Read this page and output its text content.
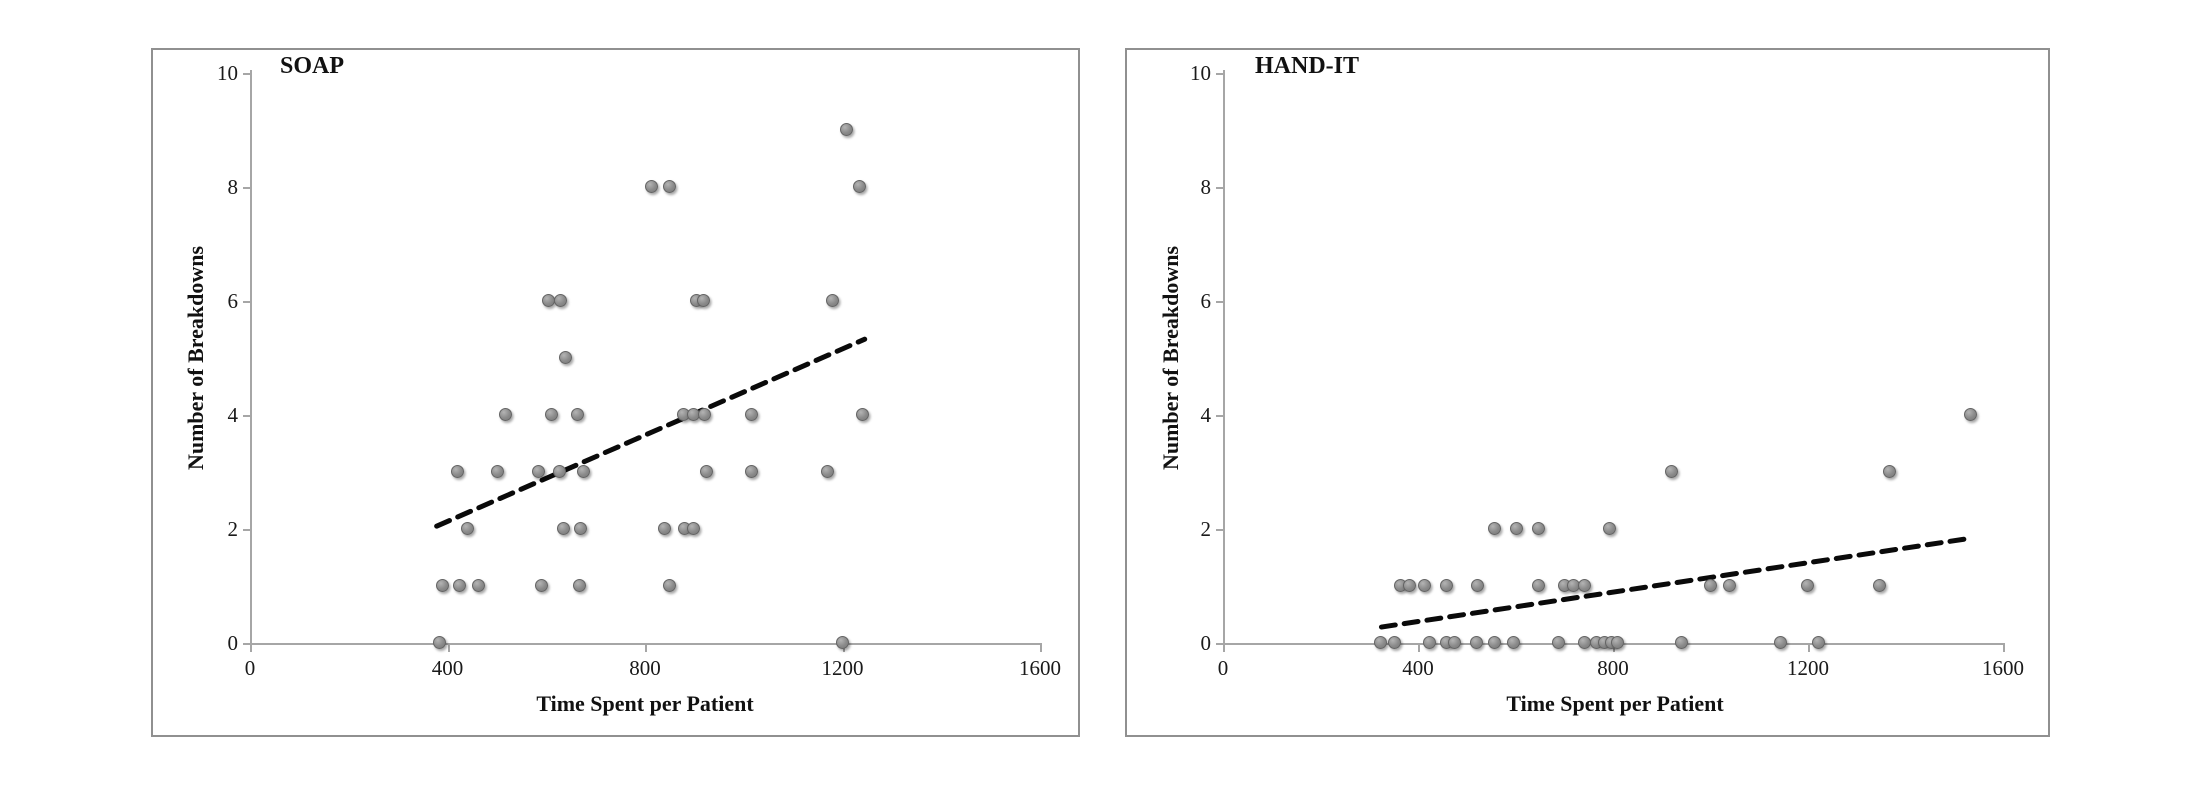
SOAP	HAND-IT
Number of Breakdowns	Number of Breakdowns
Time Spent per Patient	Time Spent per Patient
0
2
4
6
8
10
0	400	800	1200	1600
0
2
4
6
8
10
0	400	800	1200	1600
